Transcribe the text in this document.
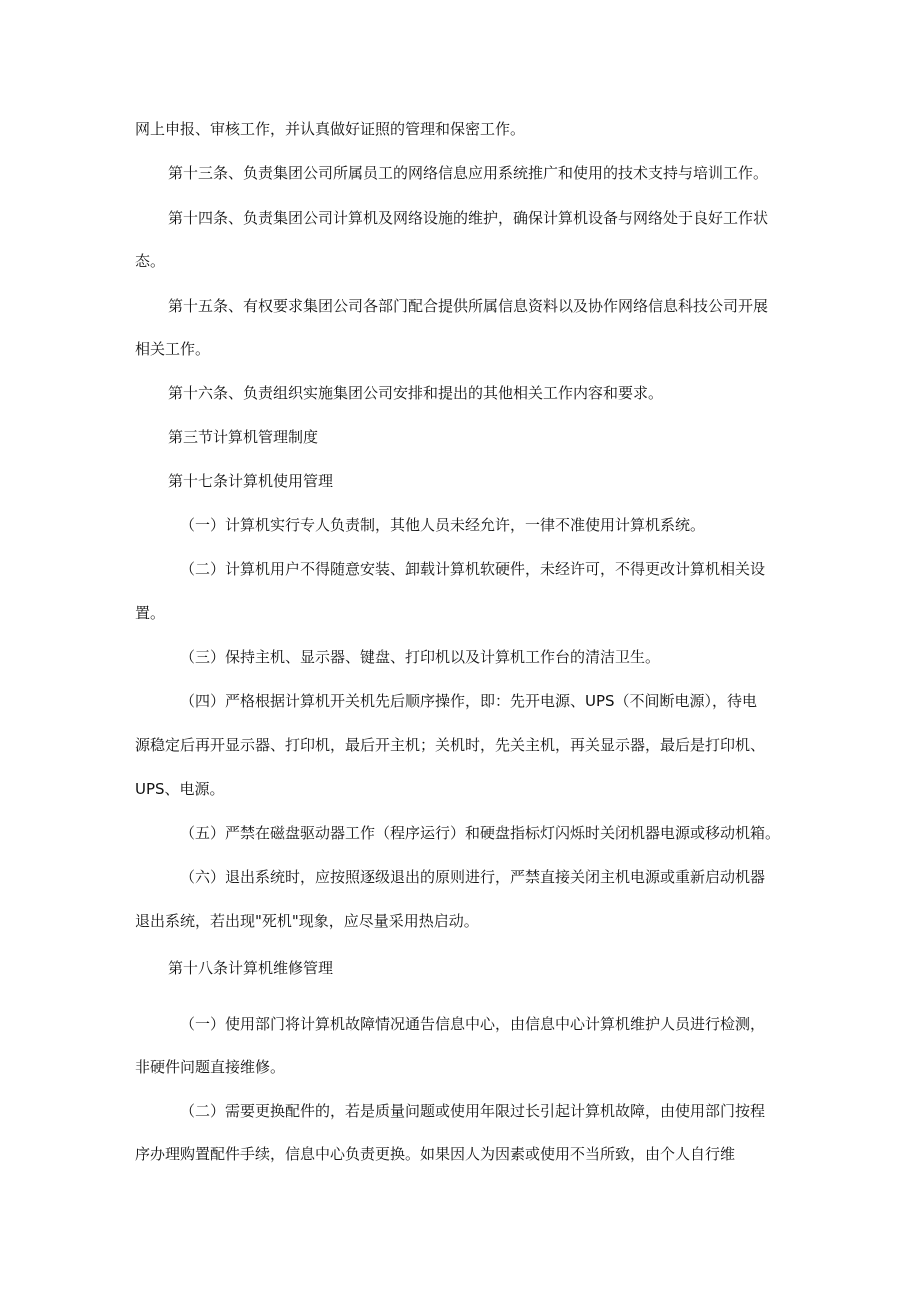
网上申报、审核工作，并认真做好证照的管理和保密工作。
第十三条、负责集团公司所属员工的网络信息应用系统推广和使用的技术支持与培训工作。
第十四条、负责集团公司计算机及网络设施的维护，确保计算机设备与网络处于良好工作状
态。
第十五条、有权要求集团公司各部门配合提供所属信息资料以及协作网络信息科技公司开展
相关工作。
第十六条、负责组织实施集团公司安排和提出的其他相关工作内容和要求。
第三节计算机管理制度
第十七条计算机使用管理
（一）计算机实行专人负责制，其他人员未经允许，一律不准使用计算机系统。
（二）计算机用户不得随意安装、卸载计算机软硬件，未经许可，不得更改计算机相关设
置。
（三）保持主机、显示器、键盘、打印机以及计算机工作台的清洁卫生。
（四）严格根据计算机开关机先后顺序操作，即：先开电源、UPS（不间断电源），待电
源稳定后再开显示器、打印机，最后开主机；关机时，先关主机，再关显示器，最后是打印机、
UPS、电源。
（五）严禁在磁盘驱动器工作（程序运行）和硬盘指标灯闪烁时关闭机器电源或移动机箱。
（六）退出系统时，应按照逐级退出的原则进行，严禁直接关闭主机电源或重新启动机器
退出系统，若出现"死机"现象，应尽量采用热启动。
第十八条计算机维修管理
（一）使用部门将计算机故障情况通告信息中心，由信息中心计算机维护人员进行检测，
非硬件问题直接维修。
（二）需要更换配件的，若是质量问题或使用年限过长引起计算机故障，由使用部门按程
序办理购置配件手续，信息中心负责更换。如果因人为因素或使用不当所致，由个人自行维
